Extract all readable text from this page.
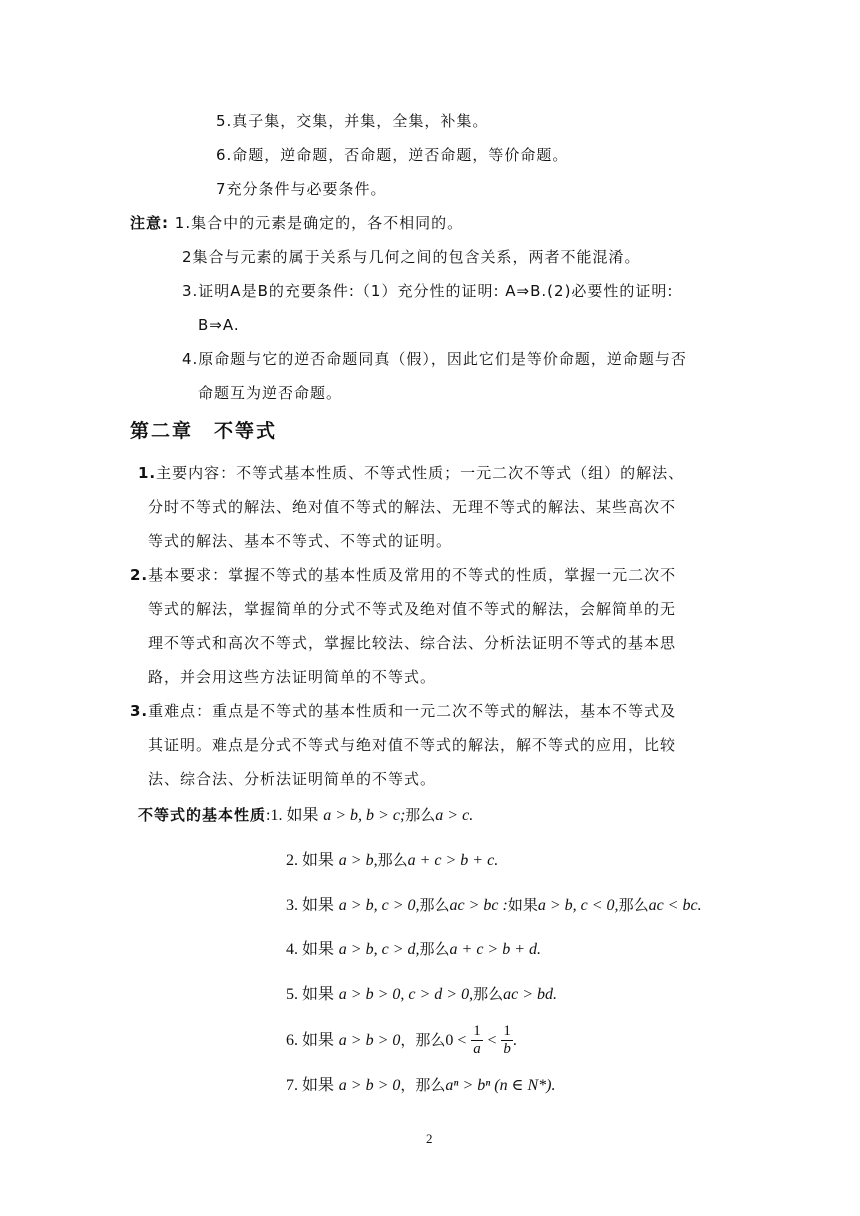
5.真子集，交集，并集，全集，补集。
6.命题，逆命题，否命题，逆否命题，等价命题。
7充分条件与必要条件。
注意: 1.集合中的元素是确定的，各不相同的。
2集合与元素的属于关系与几何之间的包含关系，两者不能混淆。
3.证明A是B的充要条件:（1）充分性的证明: A⇒B.(2)必要性的证明:
B⇒A.
4.原命题与它的逆否命题同真（假），因此它们是等价命题，逆命题与否
命题互为逆否命题。
第二章　不等式
1.主要内容：不等式基本性质、不等式性质；一元二次不等式（组）的解法、
分时不等式的解法、绝对值不等式的解法、无理不等式的解法、某些高次不
等式的解法、基本不等式、不等式的证明。
2.基本要求：掌握不等式的基本性质及常用的不等式的性质，掌握一元二次不
等式的解法，掌握简单的分式不等式及绝对值不等式的解法，会解简单的无
理不等式和高次不等式，掌握比较法、综合法、分析法证明不等式的基本思
路，并会用这些方法证明简单的不等式。
3.重难点：重点是不等式的基本性质和一元二次不等式的解法，基本不等式及
其证明。难点是分式不等式与绝对值不等式的解法，解不等式的应用，比较
法、综合法、分析法证明简单的不等式。
不等式的基本性质:1. 如果 a > b, b > c;那么a > c.
2. 如果 a > b,那么a + c > b + c.
3. 如果 a > b, c > 0,那么ac > bc :如果a > b, c < 0,那么ac < bc.
4. 如果 a > b, c > d,那么a + c > b + d.
5. 如果 a > b > 0, c > d > 0,那么ac > bd.
6. 如果 a > b > 0，那么$0 < \frac{1}{a} < \frac{1}{b}$ .
7. 如果 a > b > 0，那么aⁿ > bⁿ (n ∈ N*).
2
